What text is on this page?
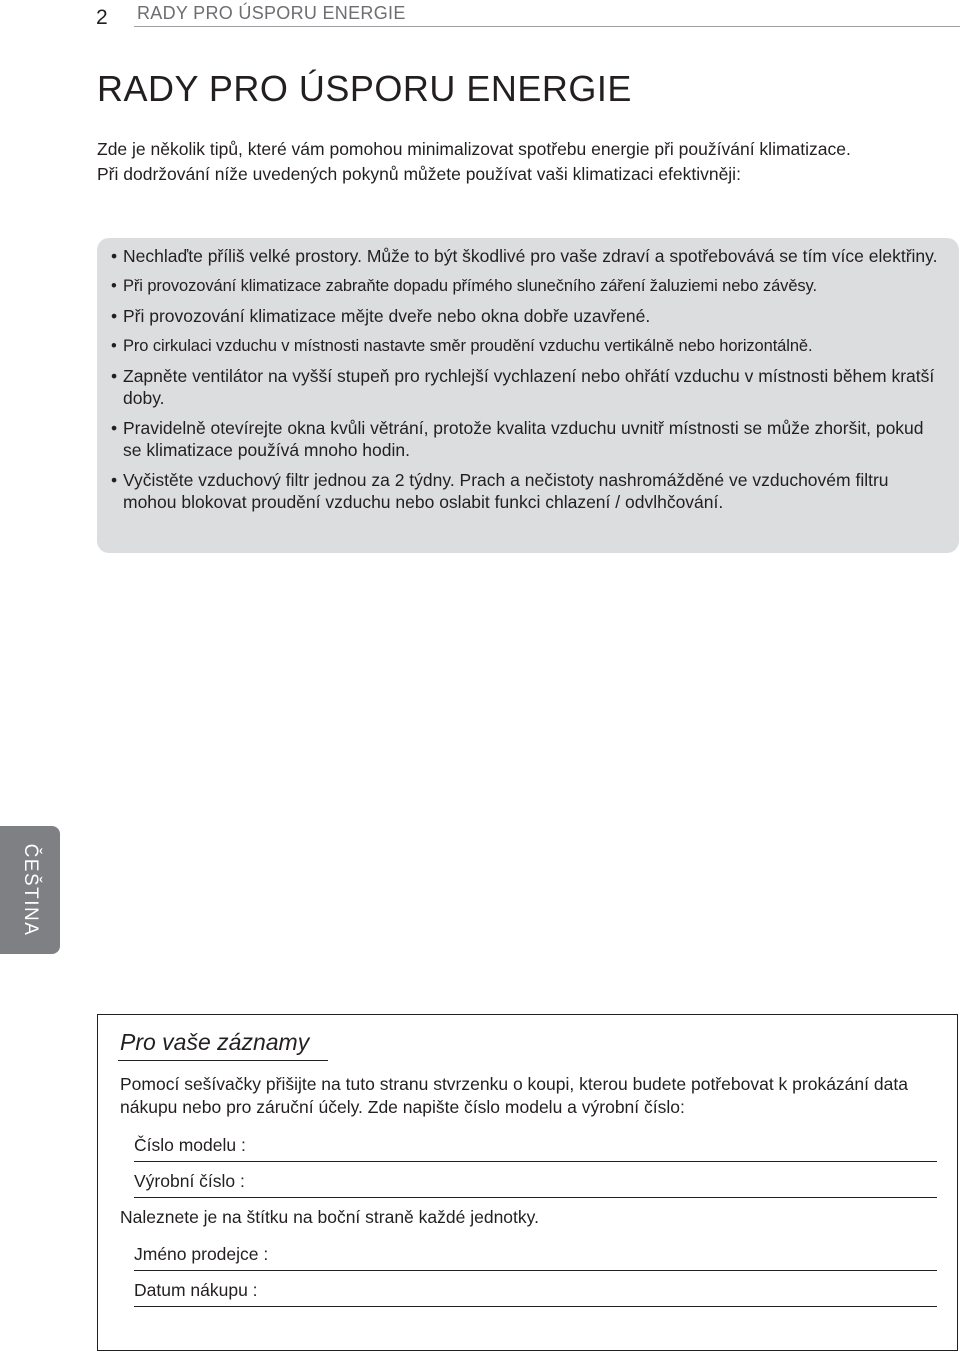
2 RADY PRO ÚSPORU ENERGIE
RADY PRO ÚSPORU ENERGIE

Zde je několik tipů, které vám pomohou minimalizovat spotřebu energie při používání klimatizace.

Při dodržování níže uvedených pokynů můžete používat vaši klimatizaci efektivněji:

• Nechlaďte příliš velké prostory. Může to být škodlivé pro vaše zdraví a spotřebovává se tím více elektřiny.
• Při provozování klimatizace zabraňte dopadu přímého slunečního záření žaluziemi nebo závěsy.
• Při provozování klimatizace mějte dveře nebo okna dobře uzavřené.
• Pro cirkulaci vzduchu v místnosti nastavte směr proudění vzduchu vertikálně nebo horizontálně.
• Zapněte ventilátor na vyšší stupeň pro rychlejší vychlazení nebo ohřátí vzduchu v místnosti během kratší doby.
• Pravidelně otevírejte okna kvůli větrání, protože kvalita vzduchu uvnitř místnosti se může zhoršit, pokud se klimatizace používá mnoho hodin.
• Vyčistěte vzduchový filtr jednou za 2 týdny. Prach a nečistoty nashromážděné ve vzduchovém filtru mohou blokovat proudění vzduchu nebo oslabit funkci chlazení / odvlhčování.
ČEŠTINA
Pro vaše záznamy

Pomocí sešívačky přišijte na tuto stranu stvrzenku o koupi, kterou budete potřebovat k prokázání data nákupu nebo pro záruční účely. Zde napište číslo modelu a výrobní číslo:

Číslo modelu :
Výrobní číslo :

Naleznete je na štítku na boční straně každé jednotky.

Jméno prodejce :
Datum nákupu :
